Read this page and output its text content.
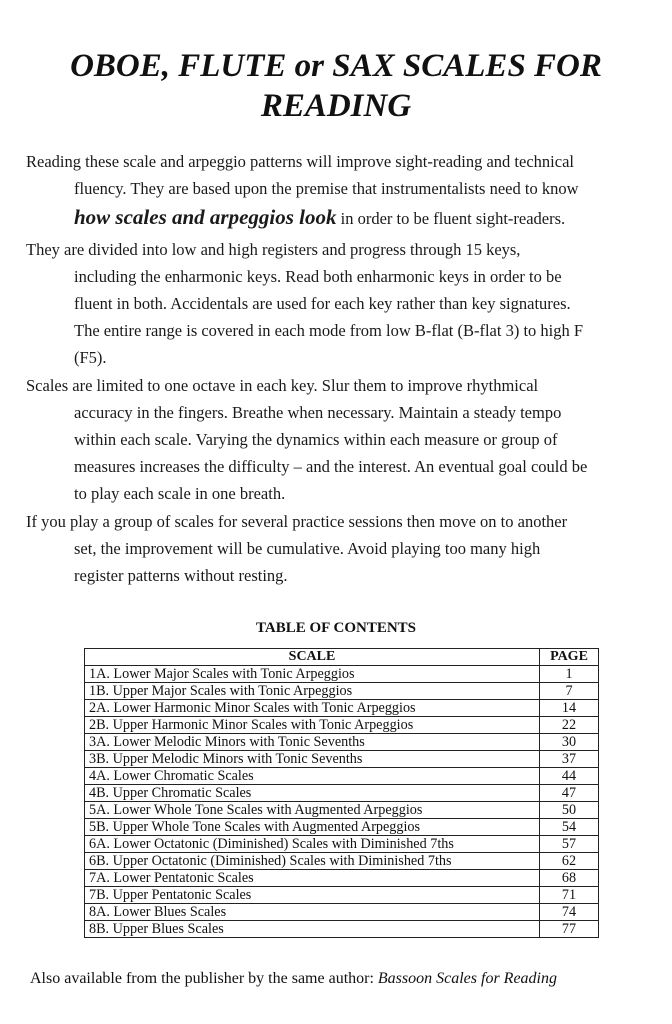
OBOE, FLUTE or SAX SCALES FOR
READING
Reading these scale and arpeggio patterns will improve sight-reading and technical
fluency. They are based upon the premise that instrumentalists need to know
how scales and arpeggios look in order to be fluent sight-readers.
They are divided into low and high registers and progress through 15 keys,
including the enharmonic keys. Read both enharmonic keys in order to be
fluent in both. Accidentals are used for each key rather than key signatures.
The entire range is covered in each mode from low B-flat (B-flat 3) to high F
(F5).
Scales are limited to one octave in each key. Slur them to improve rhythmical
accuracy in the fingers. Breathe when necessary. Maintain a steady tempo
within each scale. Varying the dynamics within each measure or group of
measures increases the difficulty – and the interest. An eventual goal could be
to play each scale in one breath.
If you play a group of scales for several practice sessions then move on to another
set, the improvement will be cumulative. Avoid playing too many high
register patterns without resting.
TABLE OF CONTENTS
SCALE	PAGE
1A. Lower Major Scales with Tonic Arpeggios	1
1B. Upper Major Scales with Tonic Arpeggios	7
2A. Lower Harmonic Minor Scales with Tonic Arpeggios	14
2B. Upper Harmonic Minor Scales with Tonic Arpeggios	22
3A. Lower Melodic Minors with Tonic Sevenths	30
3B. Upper Melodic Minors with Tonic Sevenths	37
4A. Lower Chromatic Scales	44
4B. Upper Chromatic Scales	47
5A. Lower Whole Tone Scales with Augmented Arpeggios	50
5B. Upper Whole Tone Scales with Augmented Arpeggios	54
6A. Lower Octatonic (Diminished) Scales with Diminished 7ths	57
6B. Upper Octatonic (Diminished) Scales with Diminished 7ths	62
7A. Lower Pentatonic Scales	68
7B. Upper Pentatonic Scales	71
8A. Lower Blues Scales	74
8B. Upper Blues Scales	77
Also available from the publisher by the same author: Bassoon Scales for Reading
